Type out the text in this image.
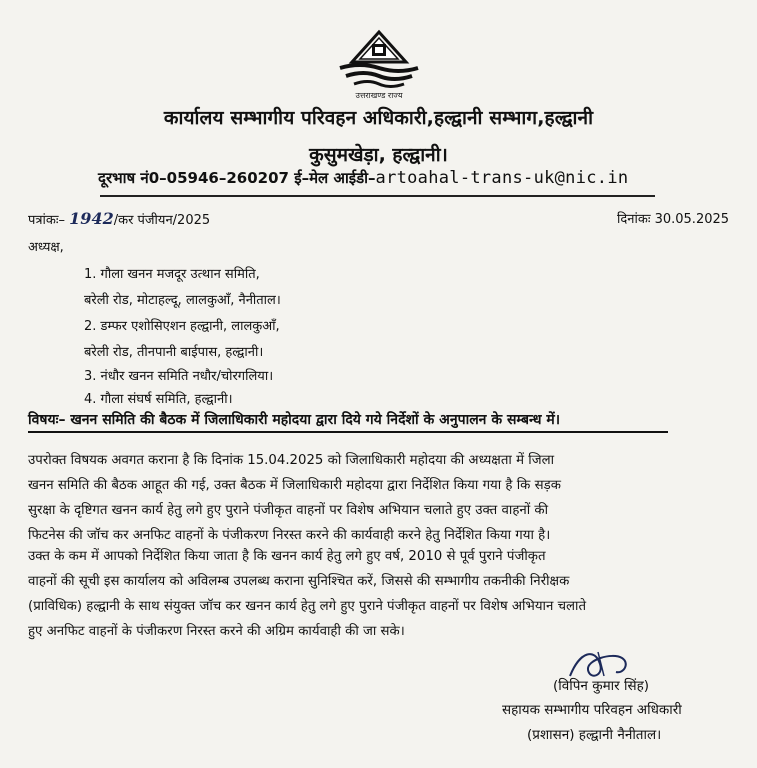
उत्तराखण्ड राज्य
कार्यालय सम्भागीय परिवहन अधिकारी,हल्द्वानी सम्भाग,हल्द्वानी
कुसुमखेड़ा, हल्द्वानी।
दूरभाष नं0–05946–260207 ई–मेल आईडी–artoahal-trans-uk@nic.in
पत्रांकः– 1942/कर पंजीयन/2025	दिनांकः 30.05.2025
अध्यक्ष,
1. गौला खनन मजदूर उत्थान समिति,
बरेली रोड, मोटाहल्दू, लालकुऑं, नैनीताल।
2. डम्फर एशोसिएशन हल्द्वानी, लालकुऑं,
बरेली रोड, तीनपानी बाईपास, हल्द्वानी।
3. नंधौर खनन समिति नधौर/चोरगलिया।
4. गौला संघर्ष समिति, हल्द्वानी।
विषयः– खनन समिति की बैठक में जिलाधिकारी महोदया द्वारा दिये गये निर्देशों के अनुपालन के सम्बन्ध में।
उपरोक्त विषयक अवगत कराना है कि दिनांक 15.04.2025 को जिलाधिकारी महोदया की अध्यक्षता में जिला
खनन समिति की बैठक आहूत की गई, उक्त बैठक में जिलाधिकारी महोदया द्वारा निर्देशित किया गया है कि सड़क
सुरक्षा के दृष्टिगत खनन कार्य हेतु लगे हुए पुराने पंजीकृत वाहनों पर विशेष अभियान चलाते हुए उक्त वाहनों की
फिटनेस की जॉच कर अनफिट वाहनों के पंजीकरण निरस्त करने की कार्यवाही करने हेतु निर्देशित किया गया है।
उक्त के कम में आपको निर्देशित किया जाता है कि खनन कार्य हेतु लगे हुए वर्ष, 2010 से पूर्व पुराने पंजीकृत
वाहनों की सूची इस कार्यालय को अविलम्ब उपलब्ध कराना सुनिश्चित करें, जिससे की सम्भागीय तकनीकी निरीक्षक
(प्राविधिक) हल्द्वानी के साथ संयुक्त जॉच कर खनन कार्य हेतु लगे हुए पुराने पंजीकृत वाहनों पर विशेष अभियान चलाते
हुए अनफिट वाहनों के पंजीकरण निरस्त करने की अग्रिम कार्यवाही की जा सके।
(विपिन कुमार सिंह)
सहायक सम्भागीय परिवहन अधिकारी
(प्रशासन) हल्द्वानी नैनीताल।
